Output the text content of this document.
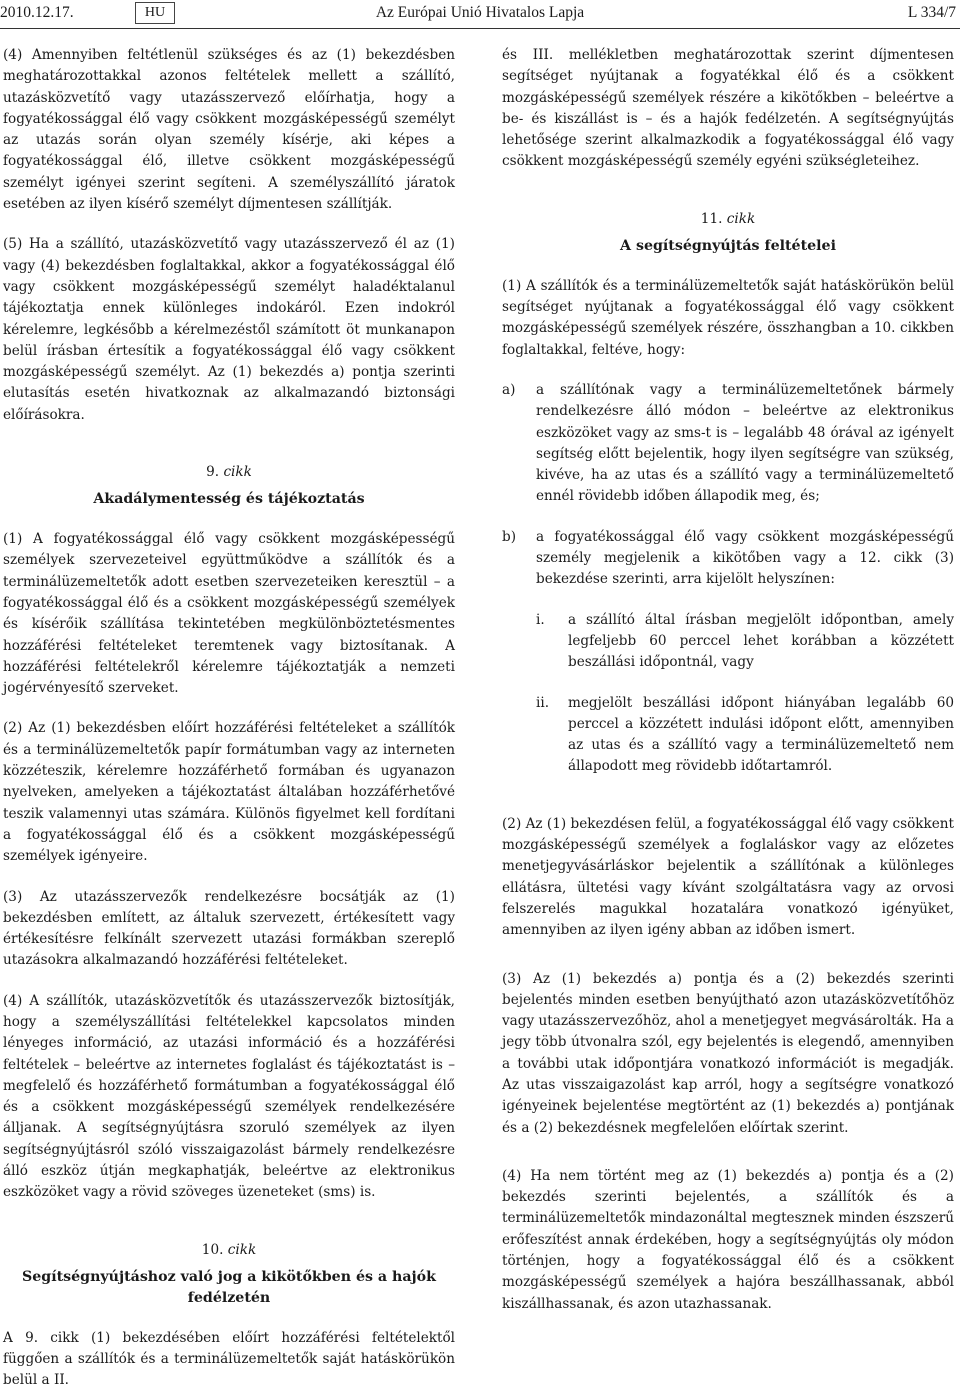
2010.12.17.	HU	Az Európai Unió Hivatalos Lapja	L 334/7

(4) Amennyiben feltétlenül szükséges és az (1) bekezdésben meghatározottakkal azonos feltételek mellett a szállító, utazásközvetítő vagy utazásszervező előírhatja, hogy a fogyatékossággal élő vagy csökkent mozgásképességű személyt az utazás során olyan személy kísérje, aki képes a fogyatékossággal élő, illetve csökkent mozgásképességű személyt igényei szerint segíteni. A személyszállító járatok esetében az ilyen kísérő személyt díjmentesen szállítják.

(5) Ha a szállító, utazásközvetítő vagy utazásszervező él az (1) vagy (4) bekezdésben foglaltakkal, akkor a fogyatékossággal élő vagy csökkent mozgásképességű személyt haladéktalanul tájékoztatja ennek különleges indokáról. Ezen indokról kérelemre, legkésőbb a kérelmezéstől számított öt munkanapon belül írásban értesítik a fogyatékossággal élő vagy csökkent mozgásképességű személyt. Az (1) bekezdés a) pontja szerinti elutasítás esetén hivatkoznak az alkalmazandó biztonsági előírásokra.

9. cikk

Akadálymentesség és tájékoztatás

(1) A fogyatékossággal élő vagy csökkent mozgásképességű személyek szervezeteivel együttműködve a szállítók és a terminálüzemeltetők adott esetben szervezeteiken keresztül – a fogyatékossággal élő és a csökkent mozgásképességű személyek és kísérőik szállítása tekintetében megkülönböztetésmentes hozzáférési feltételeket teremtenek vagy biztosítanak. A hozzáférési feltételekről kérelemre tájékoztatják a nemzeti jogérvényesítő szerveket.

(2) Az (1) bekezdésben előírt hozzáférési feltételeket a szállítók és a terminálüzemeltetők papír formátumban vagy az interneten közzéteszik, kérelemre hozzáférhető formában és ugyanazon nyelveken, amelyeken a tájékoztatást általában hozzáférhetővé teszik valamennyi utas számára. Különös figyelmet kell fordítani a fogyatékossággal élő és a csökkent mozgásképességű személyek igényeire.

(3) Az utazásszervezők rendelkezésre bocsátják az (1) bekezdésben említett, az általuk szervezett, értékesített vagy értékesítésre felkínált szervezett utazási formákban szereplő utazásokra alkalmazandó hozzáférési feltételeket.

(4) A szállítók, utazásközvetítők és utazásszervezők biztosítják, hogy a személyszállítási feltételekkel kapcsolatos minden lényeges információ, az utazási információ és a hozzáférési feltételek – beleértve az internetes foglalást és tájékoztatást is – megfelelő és hozzáférhető formátumban a fogyatékossággal élő és a csökkent mozgásképességű személyek rendelkezésére álljanak. A segítségnyújtásra szoruló személyek az ilyen segítségnyújtásról szóló visszaigazolást bármely rendelkezésre álló eszköz útján megkaphatják, beleértve az elektronikus eszközöket vagy a rövid szöveges üzeneteket (sms) is.

10. cikk

Segítségnyújtáshoz való jog a kikötőkben és a hajók fedélzetén

A 9. cikk (1) bekezdésében előírt hozzáférési feltételektől függően a szállítók és a terminálüzemeltetők saját hatáskörükön belül a II.

és III. mellékletben meghatározottak szerint díjmentesen segítséget nyújtanak a fogyatékkal élő és a csökkent mozgásképességű személyek részére a kikötőkben – beleértve a be- és kiszállást is – és a hajók fedélzetén. A segítségnyújtás lehetősége szerint alkalmazkodik a fogyatékossággal élő vagy csökkent mozgásképességű személy egyéni szükségleteihez.

11. cikk

A segítségnyújtás feltételei

(1) A szállítók és a terminálüzemeltetők saját hatáskörükön belül segítséget nyújtanak a fogyatékossággal élő vagy csökkent mozgásképességű személyek részére, összhangban a 10. cikkben foglaltakkal, feltéve, hogy:

a) a szállítónak vagy a terminálüzemeltetőnek bármely rendelkezésre álló módon – beleértve az elektronikus eszközöket vagy az sms-t is – legalább 48 órával az igényelt segítség előtt bejelentik, hogy ilyen segítségre van szükség, kivéve, ha az utas és a szállító vagy a terminálüzemeltető ennél rövidebb időben állapodik meg, és;

b) a fogyatékossággal élő vagy csökkent mozgásképességű személy megjelenik a kikötőben vagy a 12. cikk (3) bekezdése szerinti, arra kijelölt helyszínen:

i. a szállító által írásban megjelölt időpontban, amely legfeljebb 60 perccel lehet korábban a közzétett beszállási időpontnál, vagy

ii. megjelölt beszállási időpont hiányában legalább 60 perccel a közzétett indulási időpont előtt, amennyiben az utas és a szállító vagy a terminálüzemeltető nem állapodott meg rövidebb időtartamról.

(2) Az (1) bekezdésen felül, a fogyatékossággal élő vagy csökkent mozgásképességű személyek a foglaláskor vagy az előzetes menetjegyvásárláskor bejelentik a szállítónak a különleges ellátásra, ültetési vagy kívánt szolgáltatásra vagy az orvosi felszerelés magukkal hozatalára vonatkozó igényüket, amennyiben az ilyen igény abban az időben ismert.

(3) Az (1) bekezdés a) pontja és a (2) bekezdés szerinti bejelentés minden esetben benyújtható azon utazásközvetítőhöz vagy utazásszervezőhöz, ahol a menetjegyet megvásárolták. Ha a jegy több útvonalra szól, egy bejelentés is elegendő, amennyiben a további utak időpontjára vonatkozó információt is megadják. Az utas visszaigazolást kap arról, hogy a segítségre vonatkozó igényeinek bejelentése megtörtént az (1) bekezdés a) pontjának és a (2) bekezdésnek megfelelően előírtak szerint.

(4) Ha nem történt meg az (1) bekezdés a) pontja és a (2) bekezdés szerinti bejelentés, a szállítók és a terminálüzemeltetők mindazonáltal megtesznek minden észszerű erőfeszítést annak érdekében, hogy a segítségnyújtás oly módon történjen, hogy a fogyatékossággal élő és a csökkent mozgásképességű személyek a hajóra beszállhassanak, abból kiszállhassanak, és azon utazhassanak.
